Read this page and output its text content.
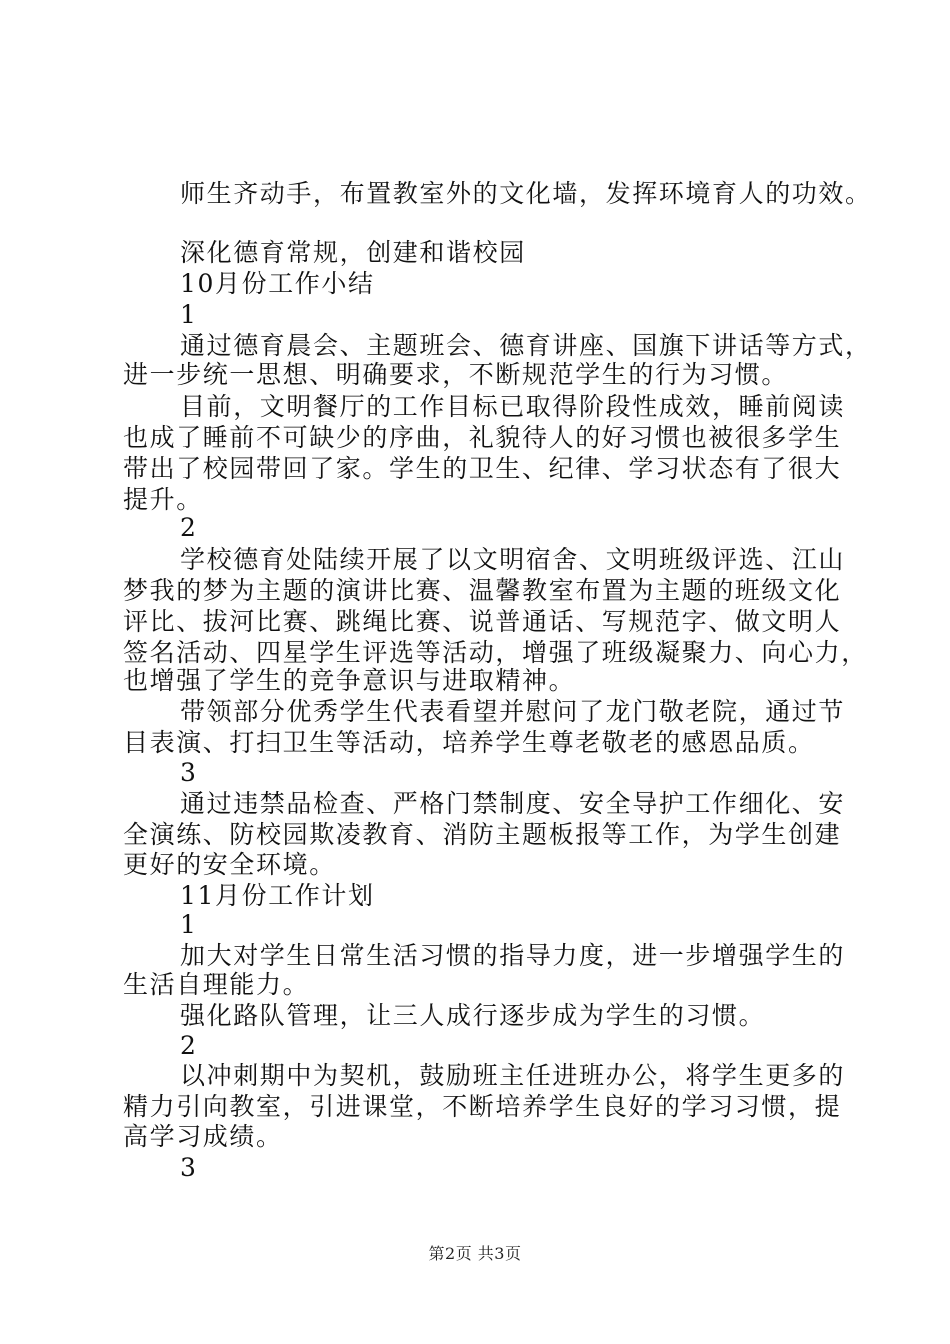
师生齐动手，布置教室外的文化墙，发挥环境育人的功效。
深化德育常规，创建和谐校园
10月份工作小结
1
通过德育晨会、主题班会、德育讲座、国旗下讲话等方式，
进一步统一思想、明确要求，不断规范学生的行为习惯。
目前，文明餐厅的工作目标已取得阶段性成效，睡前阅读
也成了睡前不可缺少的序曲，礼貌待人的好习惯也被很多学生
带出了校园带回了家。学生的卫生、纪律、学习状态有了很大
提升。
2
学校德育处陆续开展了以文明宿舍、文明班级评选、江山
梦我的梦为主题的演讲比赛、温馨教室布置为主题的班级文化
评比、拔河比赛、跳绳比赛、说普通话、写规范字、做文明人
签名活动、四星学生评选等活动，增强了班级凝聚力、向心力，
也增强了学生的竞争意识与进取精神。
带领部分优秀学生代表看望并慰问了龙门敬老院，通过节
目表演、打扫卫生等活动，培养学生尊老敬老的感恩品质。
3
通过违禁品检查、严格门禁制度、安全导护工作细化、安
全演练、防校园欺凌教育、消防主题板报等工作，为学生创建
更好的安全环境。
11月份工作计划
1
加大对学生日常生活习惯的指导力度，进一步增强学生的
生活自理能力。
强化路队管理，让三人成行逐步成为学生的习惯。
2
以冲刺期中为契机，鼓励班主任进班办公，将学生更多的
精力引向教室，引进课堂，不断培养学生良好的学习习惯，提
高学习成绩。
3
第2页 共3页
